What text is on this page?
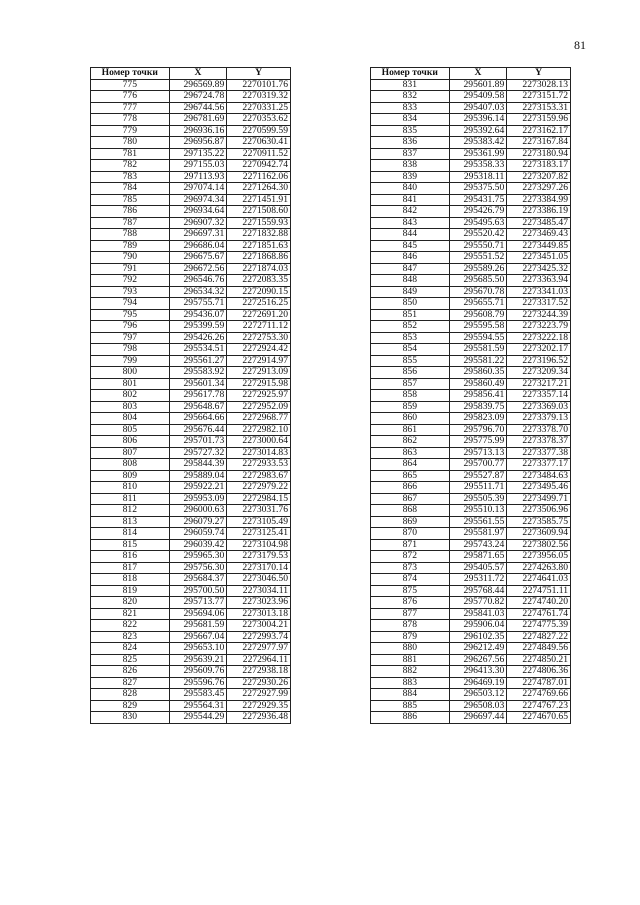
81
Номер точки	X	Y
775	296569.89	2270101.76
776	296724.78	2270319.32
777	296744.56	2270331.25
778	296781.69	2270353.62
779	296936.16	2270599.59
780	296956.87	2270630.41
781	297135.22	2270911.52
782	297155.03	2270942.74
783	297113.93	2271162.06
784	297074.14	2271264.30
785	296974.34	2271451.91
786	296934.64	2271508.60
787	296907.32	2271559.93
788	296697.31	2271832.88
789	296686.04	2271851.63
790	296675.67	2271868.86
791	296672.56	2271874.03
792	296546.76	2272083.35
793	296534.32	2272090.15
794	295755.71	2272516.25
795	295436.07	2272691.20
796	295399.59	2272711.12
797	295426.26	2272753.30
798	295534.51	2272924.42
799	295561.27	2272914.97
800	295583.92	2272913.09
801	295601.34	2272915.98
802	295617.78	2272925.97
803	295648.67	2272952.09
804	295664.66	2272968.77
805	295676.44	2272982.10
806	295701.73	2273000.64
807	295727.32	2273014.83
808	295844.39	2272933.53
809	295889.04	2272983.67
810	295922.21	2272979.22
811	295953.09	2272984.15
812	296000.63	2273031.76
813	296079.27	2273105.49
814	296059.74	2273125.41
815	296039.42	2273104.98
816	295965.30	2273179.53
817	295756.30	2273170.14
818	295684.37	2273046.50
819	295700.50	2273034.11
820	295713.77	2273023.96
821	295694.06	2273013.18
822	295681.59	2273004.21
823	295667.04	2272993.74
824	295653.10	2272977.97
825	295639.21	2272964.11
826	295609.76	2272938.18
827	295596.76	2272930.26
828	295583.45	2272927.99
829	295564.31	2272929.35
830	295544.29	2272936.48
Номер точки	X	Y
831	295601.89	2273028.13
832	295409.58	2273151.72
833	295407.03	2273153.31
834	295396.14	2273159.96
835	295392.64	2273162.17
836	295383.42	2273167.84
837	295361.99	2273180.94
838	295358.33	2273183.17
839	295318.11	2273207.82
840	295375.50	2273297.26
841	295431.75	2273384.99
842	295426.79	2273386.19
843	295495.63	2273485.47
844	295520.42	2273469.43
845	295550.71	2273449.85
846	295551.52	2273451.05
847	295589.26	2273425.32
848	295685.50	2273363.94
849	295670.78	2273341.03
850	295655.71	2273317.52
851	295608.79	2273244.39
852	295595.58	2273223.79
853	295594.55	2273222.18
854	295581.59	2273202.17
855	295581.22	2273196.52
856	295860.35	2273209.34
857	295860.49	2273217.21
858	295856.41	2273357.14
859	295839.75	2273369.03
860	295823.09	2273379.13
861	295796.70	2273378.70
862	295775.99	2273378.37
863	295713.13	2273377.38
864	295700.77	2273377.17
865	295527.87	2273484.63
866	295511.71	2273495.46
867	295505.39	2273499.71
868	295510.13	2273506.96
869	295561.55	2273585.75
870	295581.97	2273609.94
871	295743.24	2273802.56
872	295871.65	2273956.05
873	295405.57	2274263.80
874	295311.72	2274641.03
875	295768.44	2274751.11
876	295770.82	2274740.20
877	295841.03	2274761.74
878	295906.04	2274775.39
879	296102.35	2274827.22
880	296212.49	2274849.56
881	296267.56	2274850.21
882	296413.30	2274806.36
883	296469.19	2274787.01
884	296503.12	2274769.66
885	296508.03	2274767.23
886	296697.44	2274670.65
